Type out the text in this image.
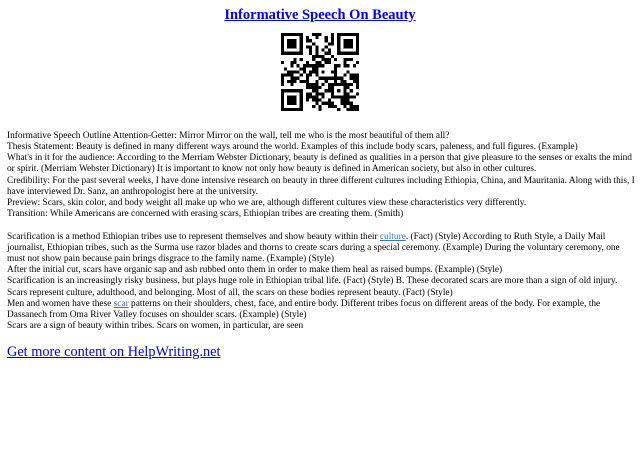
Informative Speech On Beauty

Informative Speech Outline Attention-Getter: Mirror Mirror on the wall, tell me who is the most beautiful of them all?

Thesis Statement: Beauty is defined in many different ways around the world. Examples of this include body scars, paleness, and full figures. (Example)

What's in it for the audience: According to the Merriam Webster Dictionary, beauty is defined as qualities in a person that give pleasure to the senses or exalts the mind or spirit. (Merriam Webster Dictionary) It is important to know not only how beauty is defined in American society, but also in other cultures.

Credibility: For the past several weeks, I have done intensive research on beauty in three different cultures including Ethiopia, China, and Mauritania. Along with this, I have interviewed Dr. Sanz, an anthropologist here at the university.

Preview: Scars, skin color, and body weight all make up who we are, although different cultures view these characteristics very differently.

Transition: While Americans are concerned with erasing scars, Ethiopian tribes are creating them. (Smith)

Scarification is a method Ethiopian tribes use to represent themselves and show beauty within their culture. (Fact) (Style) According to Ruth Style, a Daily Mail journalist, Ethiopian tribes, such as the Surma use razor blades and thorns to create scars during a special ceremony. (Example) During the voluntary ceremony, one must not show pain because pain brings disgrace to the family name. (Example) (Style)

After the initial cut, scars have organic sap and ash rubbed onto them in order to make them heal as raised bumps. (Example) (Style)

Scarification is an increasingly risky business, but plays huge role in Ethiopian tribal life. (Fact) (Style) B. These decorated scars are more than a sign of old injury. Scars represent culture, adulthood, and belonging. Most of all, the scars on these bodies represent beauty. (Fact) (Style)

Men and women have these scar patterns on their shoulders, chest, face, and entire body. Different tribes focus on different areas of the body. For example, the Dassanech from Oma River Valley focuses on shoulder scars. (Example) (Style)

Scars are a sign of beauty within tribes. Scars on women, in particular, are seen

Get more content on HelpWriting.net
